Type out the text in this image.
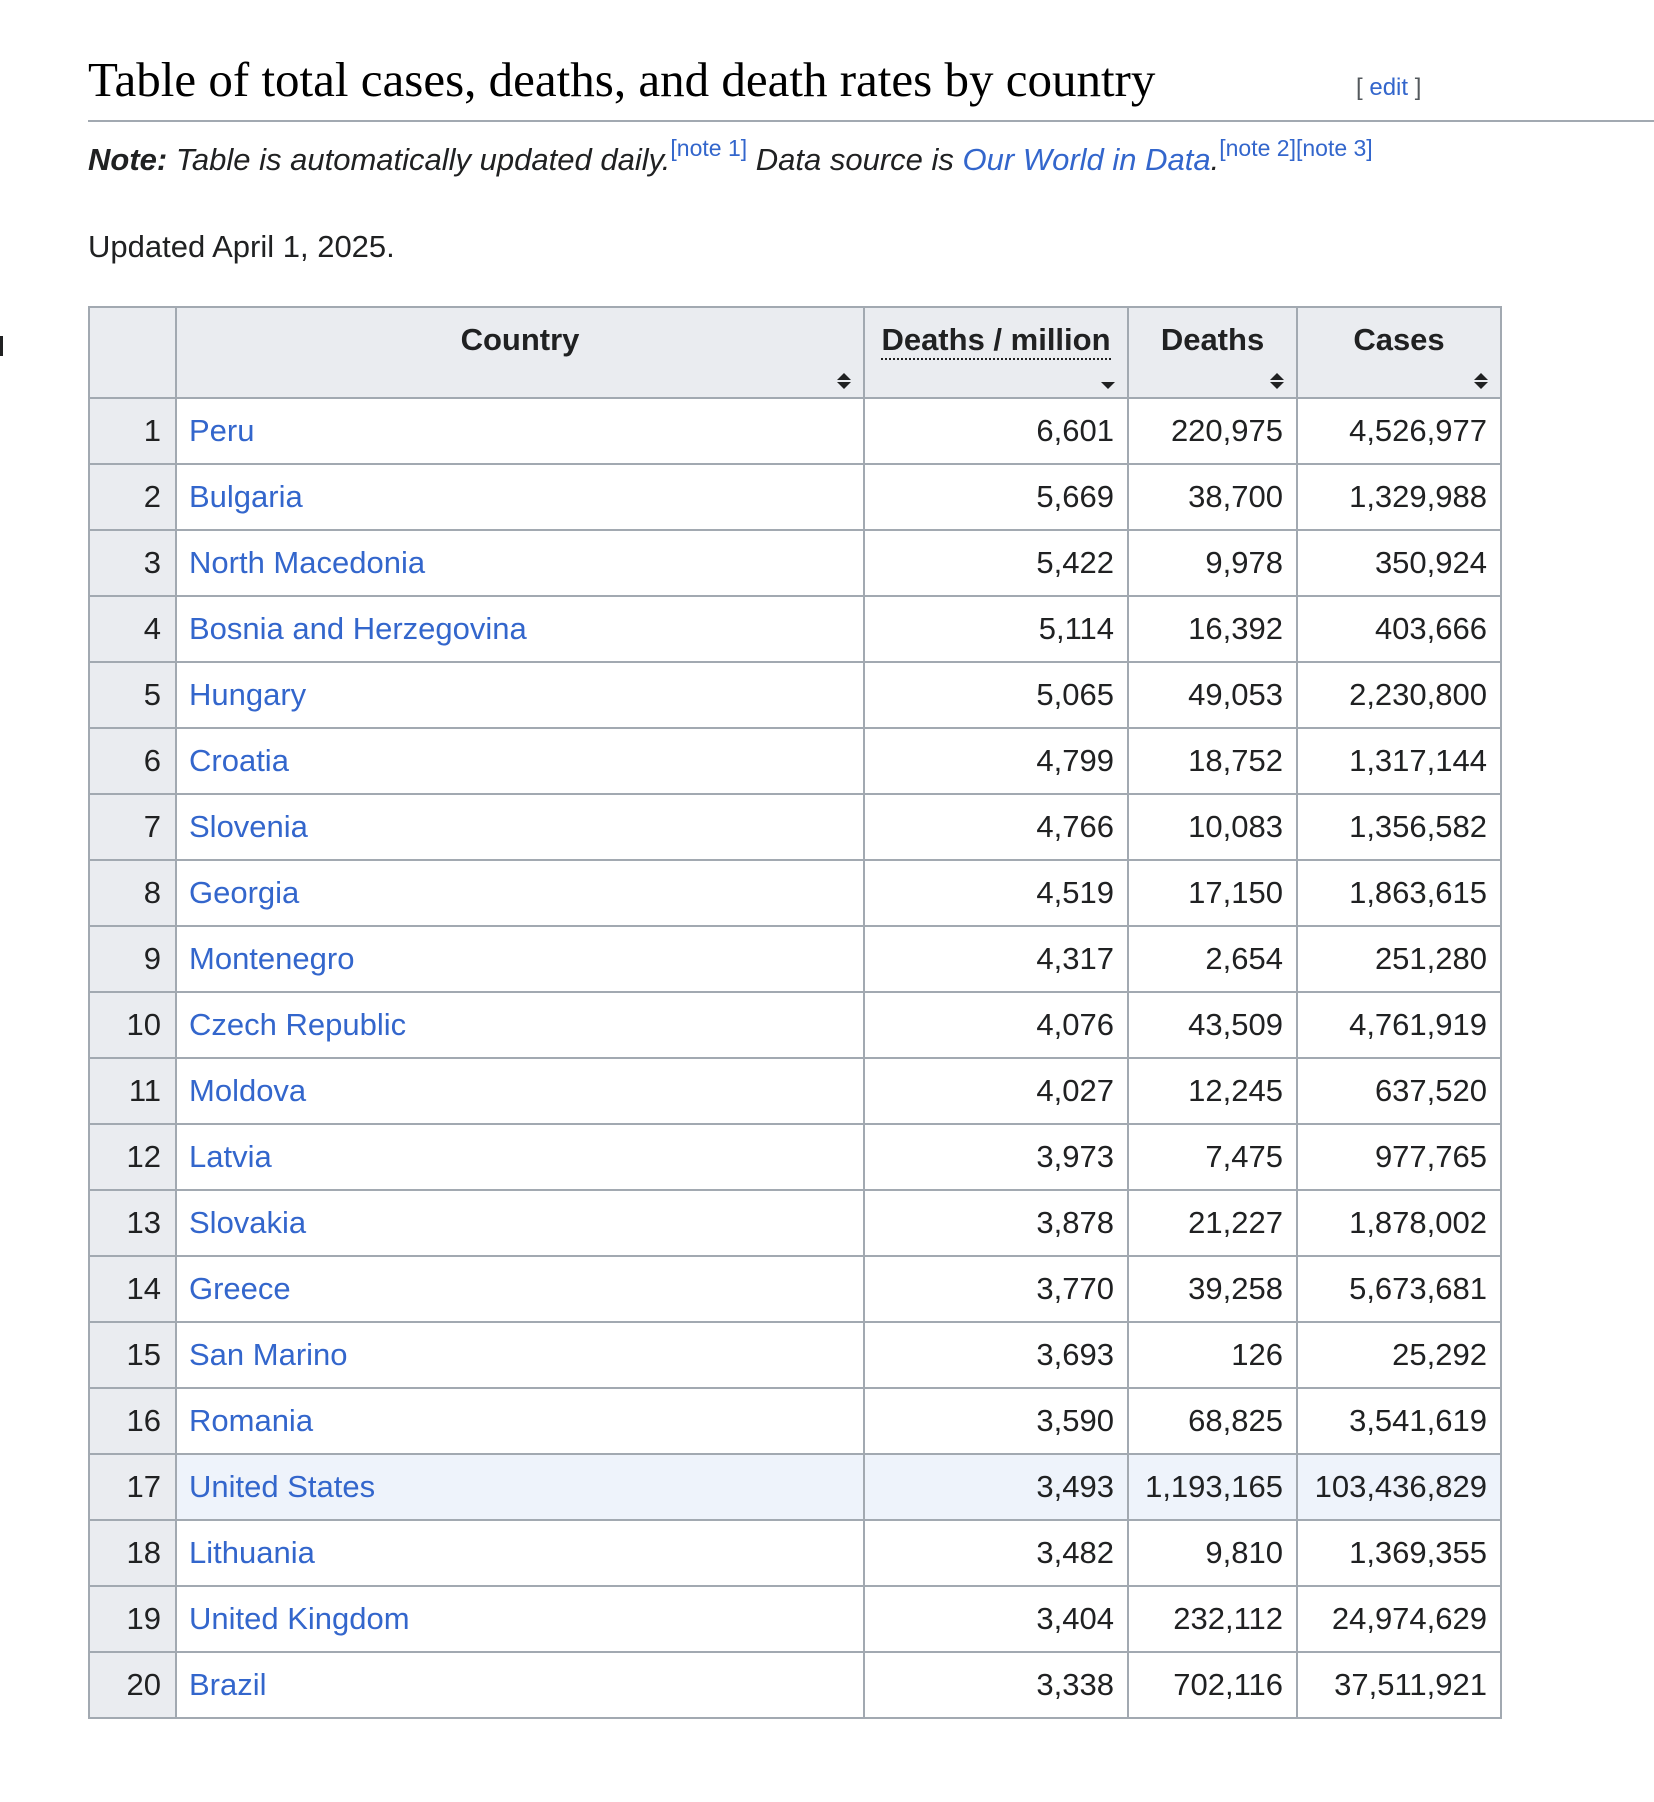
Table of total cases, deaths, and death rates by country	[ edit ]
Note: Table is automatically updated daily.[note 1] Data source is Our World in Data.[note 2][note 3]
Updated April 1, 2025.
	Country	Deaths / million	Deaths	Cases

1	Peru	6,601	220,975	4,526,977
2	Bulgaria	5,669	38,700	1,329,988
3	North Macedonia	5,422	9,978	350,924
4	Bosnia and Herzegovina	5,114	16,392	403,666
5	Hungary	5,065	49,053	2,230,800
6	Croatia	4,799	18,752	1,317,144
7	Slovenia	4,766	10,083	1,356,582
8	Georgia	4,519	17,150	1,863,615
9	Montenegro	4,317	2,654	251,280
10	Czech Republic	4,076	43,509	4,761,919
11	Moldova	4,027	12,245	637,520
12	Latvia	3,973	7,475	977,765
13	Slovakia	3,878	21,227	1,878,002
14	Greece	3,770	39,258	5,673,681
15	San Marino	3,693	126	25,292
16	Romania	3,590	68,825	3,541,619
17	United States	3,493	1,193,165	103,436,829
18	Lithuania	3,482	9,810	1,369,355
19	United Kingdom	3,404	232,112	24,974,629
20	Brazil	3,338	702,116	37,511,921
